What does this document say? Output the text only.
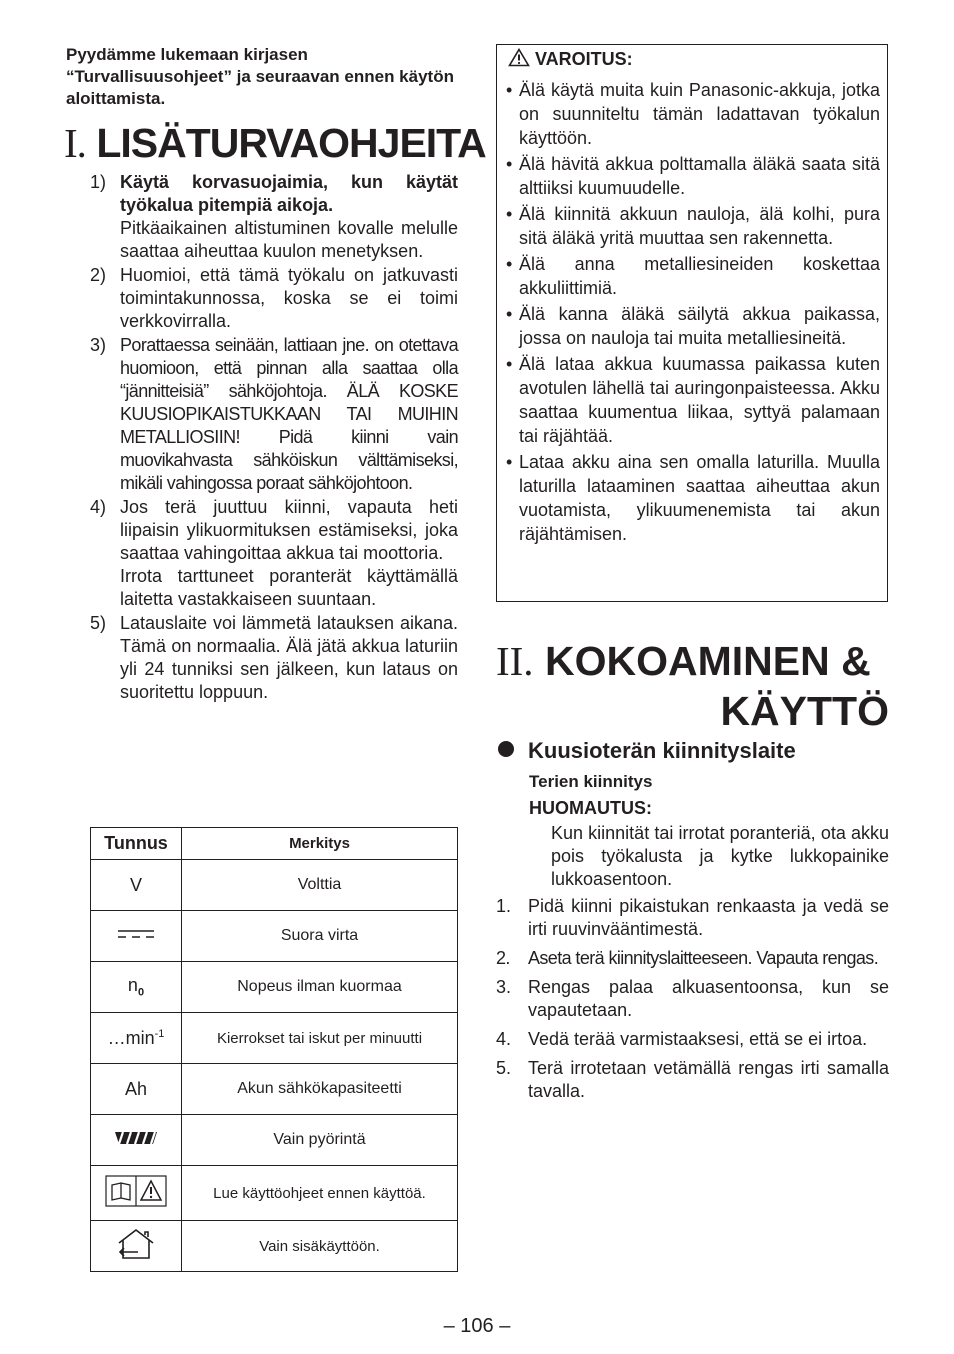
Pyydämme lukemaan kirjasen “Turvallisuusohjeet” ja seuraavan ennen käytön aloittamista.
I. LISÄTURVAOHJEITA
1) Käytä korvasuojaimia, kun käytät työkalua pitempiä aikoja.
Pitkäaikainen altistuminen kovalle melulle saattaa aiheuttaa kuulon menetyksen.
2) Huomioi, että tämä työkalu on jatkuvasti toimintakunnossa, koska se ei toimi verkkovirralla.
3) Porattaessa seinään, lattiaan jne. on otettava huomioon, että pinnan alla saattaa olla “jännitteisiä” sähköjohtoja. ÄLÄ KOSKE KUUSIOPIKAISTUKKAAN TAI MUIHIN METALLIOSIIN! Pidä kiinni vain muovikahvasta sähköiskun välttämiseksi, mikäli vahingossa poraat sähköjohtoon.
4) Jos terä juuttuu kiinni, vapauta heti liipaisin ylikuormituksen estämiseksi, joka saattaa vahingoittaa akkua tai moottoria.
Irrota tarttuneet poranterät käyttämällä laitetta vastakkaiseen suuntaan.
5) Latauslaite voi lämmetä latauksen aikana. Tämä on normaalia. Älä jätä akkua laturiin yli 24 tunniksi sen jälkeen, kun lataus on suoritettu loppuun.
Tunnus	Merkitys
V	Volttia
	Suora virta
$n_0$	Nopeus ilman kuormaa
$\dots\min^{-1}$	Kierrokset tai iskut per minuutti
Ah	Akun sähkökapasiteetti
	Vain pyörintä
	Lue käyttöohjeet ennen käyttöä.
	Vain sisäkäyttöön.
VAROITUS:
• Älä käytä muita kuin Panasonic-akkuja, jotka on suunniteltu tämän ladattavan työkalun käyttöön.
• Älä hävitä akkua polttamalla äläkä saata sitä alttiiksi kuumuudelle.
• Älä kiinnitä akkuun nauloja, älä kolhi, pura sitä äläkä yritä muuttaa sen rakennetta.
• Älä anna metalliesineiden koskettaa akkuliittimiä.
• Älä kanna äläkä säilytä akkua paikassa, jossa on nauloja tai muita metalliesineitä.
• Älä lataa akkua kuumassa paikassa kuten avotulen lähellä tai auringonpaisteessa. Akku saattaa kuumentua liikaa, syttyä palamaan tai räjähtää.
• Lataa akku aina sen omalla laturilla. Muulla laturilla lataaminen saattaa aiheuttaa akun vuotamista, ylikuumenemista tai akun räjähtämisen.
II. KOKOAMINEN &
KÄYTTÖ
Kuusioterän kiinnityslaite
Terien kiinnitys
HUOMAUTUS:
Kun kiinnität tai irrotat poranteriä, ota akku pois työkalusta ja kytke lukkopainike lukkoasentoon.
1. Pidä kiinni pikaistukan renkaasta ja vedä se irti ruuvinvääntimestä.
2. Aseta terä kiinnityslaitteeseen. Vapauta rengas.
3. Rengas palaa alkuasentoonsa, kun se vapautetaan.
4. Vedä terää varmistaaksesi, että se ei irtoa.
5. Terä irrotetaan vetämällä rengas irti samalla tavalla.
– 106 –
